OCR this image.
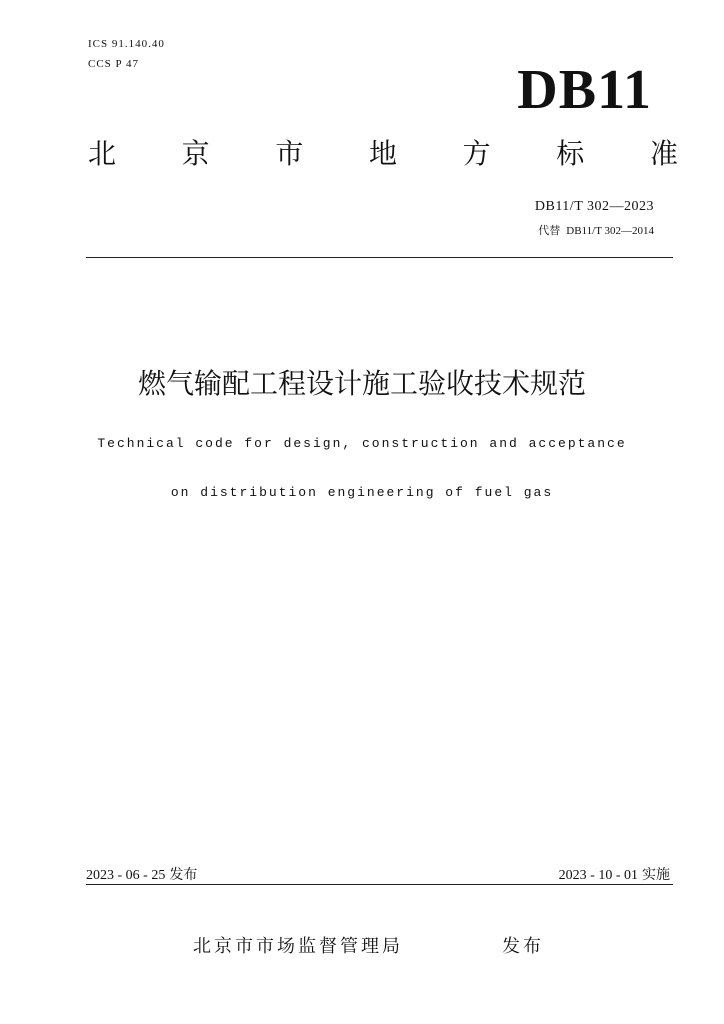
ICS 91.140.40
CCS P 47	DB11
北 京 市 地 方 标 准
DB11/T 302—2023
代替 DB11/T 302—2014
燃气输配工程设计施工验收技术规范
Technical code for design, construction and acceptance
on distribution engineering of fuel gas
2023 - 06 - 25 发布	2023 - 10 - 01 实施
北京市市场监督管理局	发布
